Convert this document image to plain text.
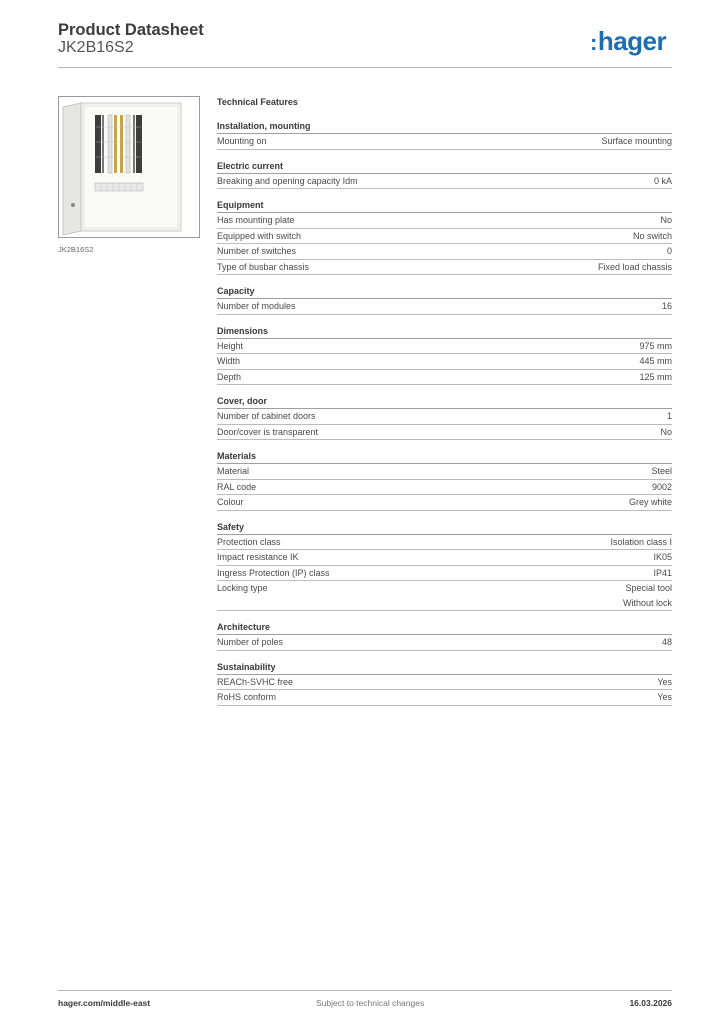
Product Datasheet
JK2B16S2	:hager
JK2B16S2
Technical Features
Installation, mounting
Mounting on	Surface mounting
Electric current
Breaking and opening capacity Idm	0 kA
Equipment
Has mounting plate	No
Equipped with switch	No switch
Number of switches	0
Type of busbar chassis	Fixed load chassis
Capacity
Number of modules	16
Dimensions
Height	975 mm
Width	445 mm
Depth	125 mm
Cover, door
Number of cabinet doors	1
Door/cover is transparent	No
Materials
Material	Steel
RAL code	9002
Colour	Grey white
Safety
Protection class	Isolation class I
Impact resistance IK	IK05
Ingress Protection (IP) class	IP41
Locking type	Special tool
Without lock
Architecture
Number of poles	48
Sustainability
REACh-SVHC free	Yes
RoHS conform	Yes
hager.com/middle-east	Subject to technical changes	16.03.2026
